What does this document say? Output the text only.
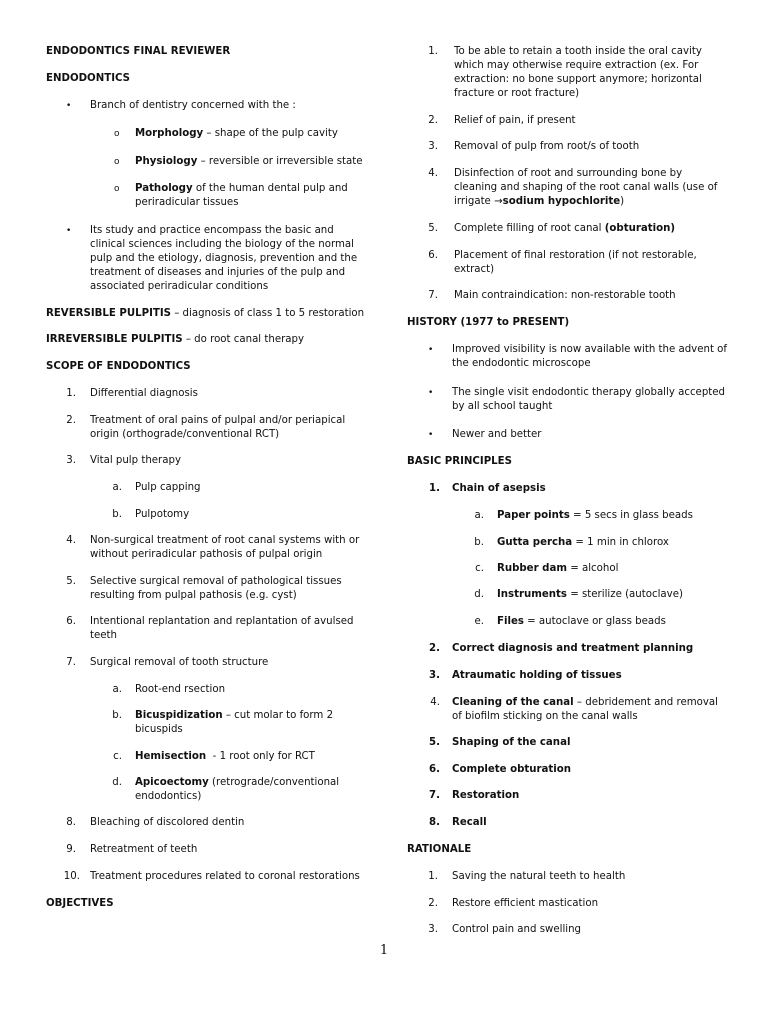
ENDODONTICS FINAL REVIEWER
ENDODONTICS
• Branch of dentistry concerned with the :
o Morphology – shape of the pulp cavity
o Physiology – reversible or irreversible state
o Pathology of the human dental pulp and periradicular tissues
• Its study and practice encompass the basic and clinical sciences including the biology of the normal pulp and the etiology, diagnosis, prevention and the treatment of diseases and injuries of the pulp and associated periradicular conditions
REVERSIBLE PULPITIS – diagnosis of class 1 to 5 restoration
IRREVERSIBLE PULPITIS – do root canal therapy
SCOPE OF ENDODONTICS
1. Differential diagnosis
2. Treatment of oral pains of pulpal and/or periapical origin (orthograde/conventional RCT)
3. Vital pulp therapy
a. Pulp capping
b. Pulpotomy
4. Non-surgical treatment of root canal systems with or without periradicular pathosis of pulpal origin
5. Selective surgical removal of pathological tissues resulting from pulpal pathosis (e.g. cyst)
6. Intentional replantation and replantation of avulsed teeth
7. Surgical removal of tooth structure
a. Root-end rsection
b. Bicuspidization – cut molar to form 2 bicuspids
c. Hemisection  - 1 root only for RCT
d. Apicoectomy (retrograde/conventional endodontics)
8. Bleaching of discolored dentin
9. Retreatment of teeth
10. Treatment procedures related to coronal restorations
OBJECTIVES
1. To be able to retain a tooth inside the oral cavity which may otherwise require extraction (ex. For extraction: no bone support anymore; horizontal fracture or root fracture)
2. Relief of pain, if present
3. Removal of pulp from root/s of tooth
4. Disinfection of root and surrounding bone by cleaning and shaping of the root canal walls (use of irrigate →sodium hypochlorite)
5. Complete filling of root canal (obturation)
6. Placement of final restoration (if not restorable, extract)
7. Main contraindication: non-restorable tooth
HISTORY (1977 to PRESENT)
• Improved visibility is now available with the advent of the endodontic microscope
• The single visit endodontic therapy globally accepted by all school taught
• Newer and better
BASIC PRINCIPLES
1. Chain of asepsis
a. Paper points = 5 secs in glass beads
b. Gutta percha = 1 min in chlorox
c. Rubber dam = alcohol
d. Instruments = sterilize (autoclave)
e. Files = autoclave or glass beads
2. Correct diagnosis and treatment planning
3. Atraumatic holding of tissues
4. Cleaning of the canal – debridement and removal of biofilm sticking on the canal walls
5. Shaping of the canal
6. Complete obturation
7. Restoration
8. Recall
RATIONALE
1. Saving the natural teeth to health
2. Restore efficient mastication
3. Control pain and swelling
1
